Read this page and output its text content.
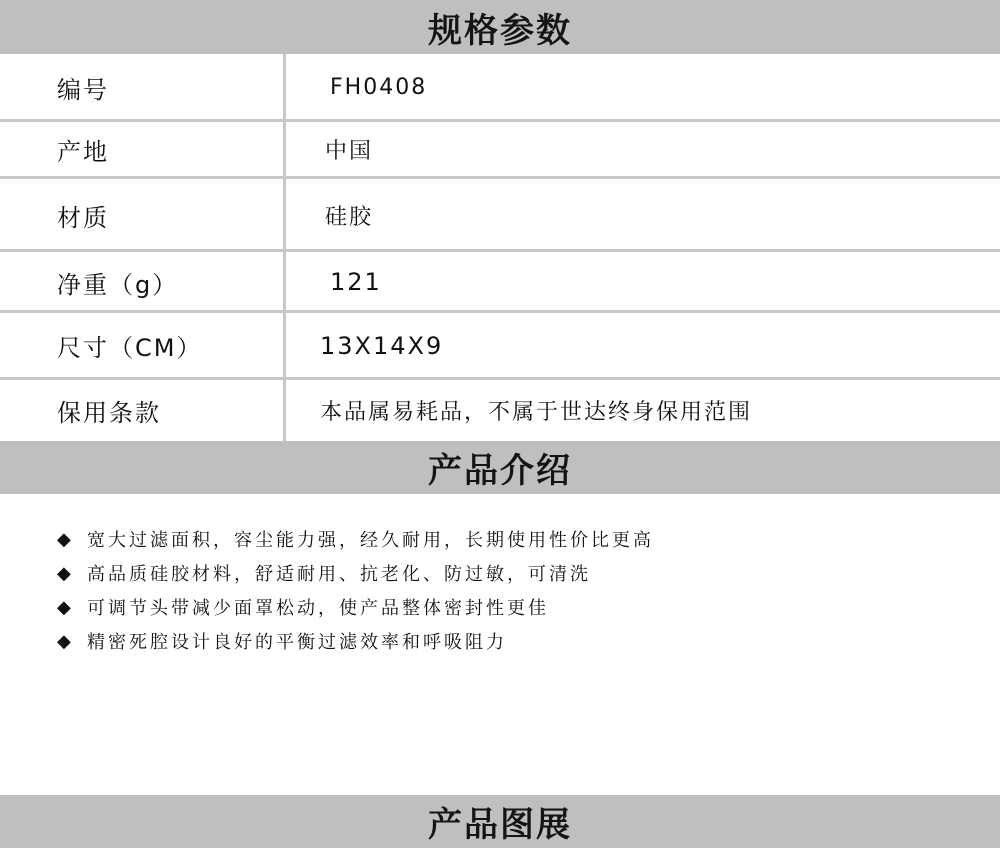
规格参数
编号	FH0408
产地	中国
材质	硅胶
净重（g）	121
尺寸（CM）	13X14X9
保用条款	本品属易耗品，不属于世达终身保用范围
产品介绍
◆ 宽大过滤面积，容尘能力强，经久耐用，长期使用性价比更高
◆ 高品质硅胶材料，舒适耐用、抗老化、防过敏，可清洗
◆ 可调节头带减少面罩松动，使产品整体密封性更佳
◆ 精密死腔设计良好的平衡过滤效率和呼吸阻力
产品图展
